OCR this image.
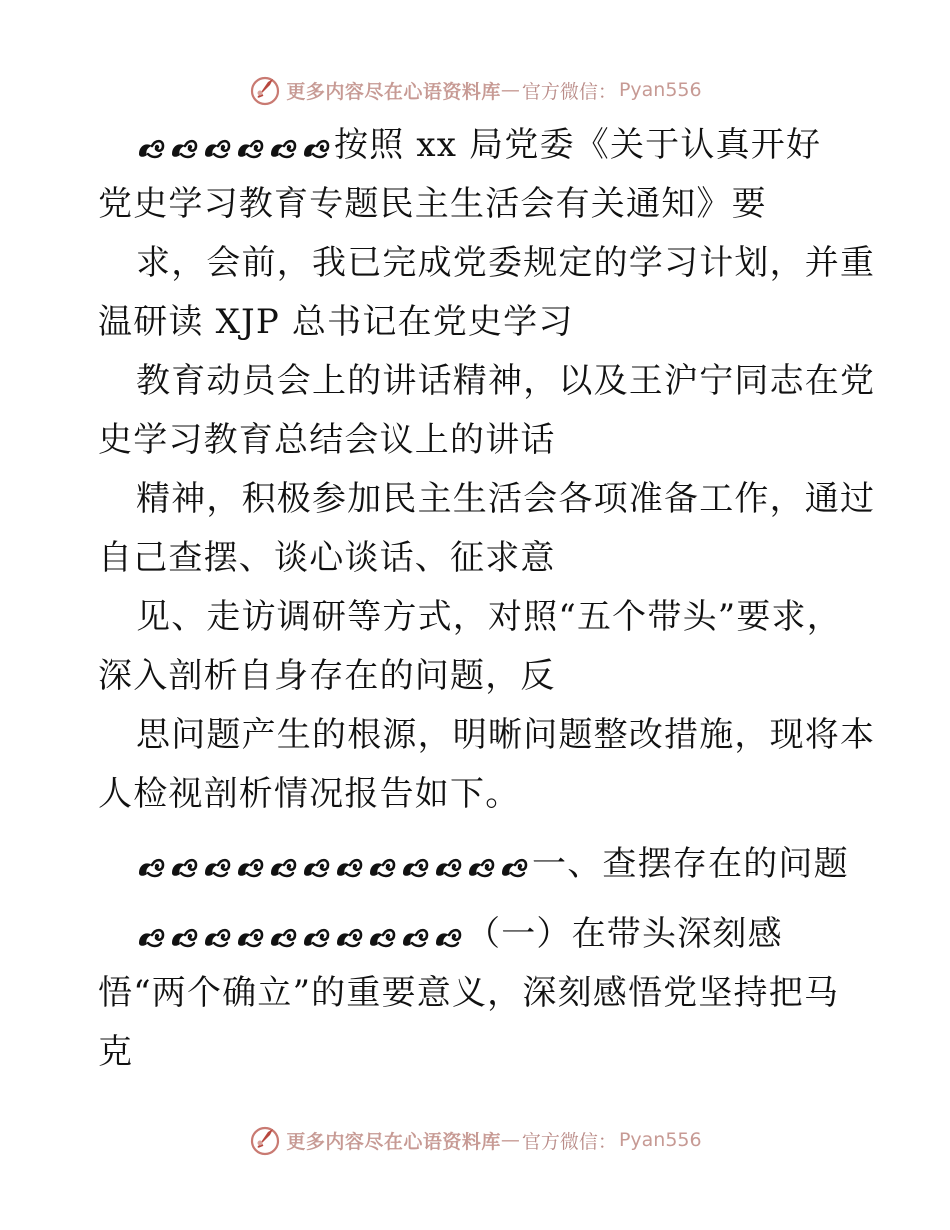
更多内容尽在心语资料库 — 官方微信： Pyan556
按照 xx 局党委《关于认真开好
党史学习教育专题民主生活会有关通知》要
求，会前，我已完成党委规定的学习计划，并重
温研读 XJP 总书记在党史学习
教育动员会上的讲话精神，以及王沪宁同志在党
史学习教育总结会议上的讲话
精神，积极参加民主生活会各项准备工作，通过
自己查摆、谈心谈话、征求意
见、走访调研等方式，对照“五个带头”要求，
深入剖析自身存在的问题，反
思问题产生的根源，明晰问题整改措施，现将本
人检视剖析情况报告如下。
一、查摆存在的问题
（一）在带头深刻感
悟“两个确立”的重要意义，深刻感悟党坚持把马
克
更多内容尽在心语资料库 — 官方微信： Pyan556
